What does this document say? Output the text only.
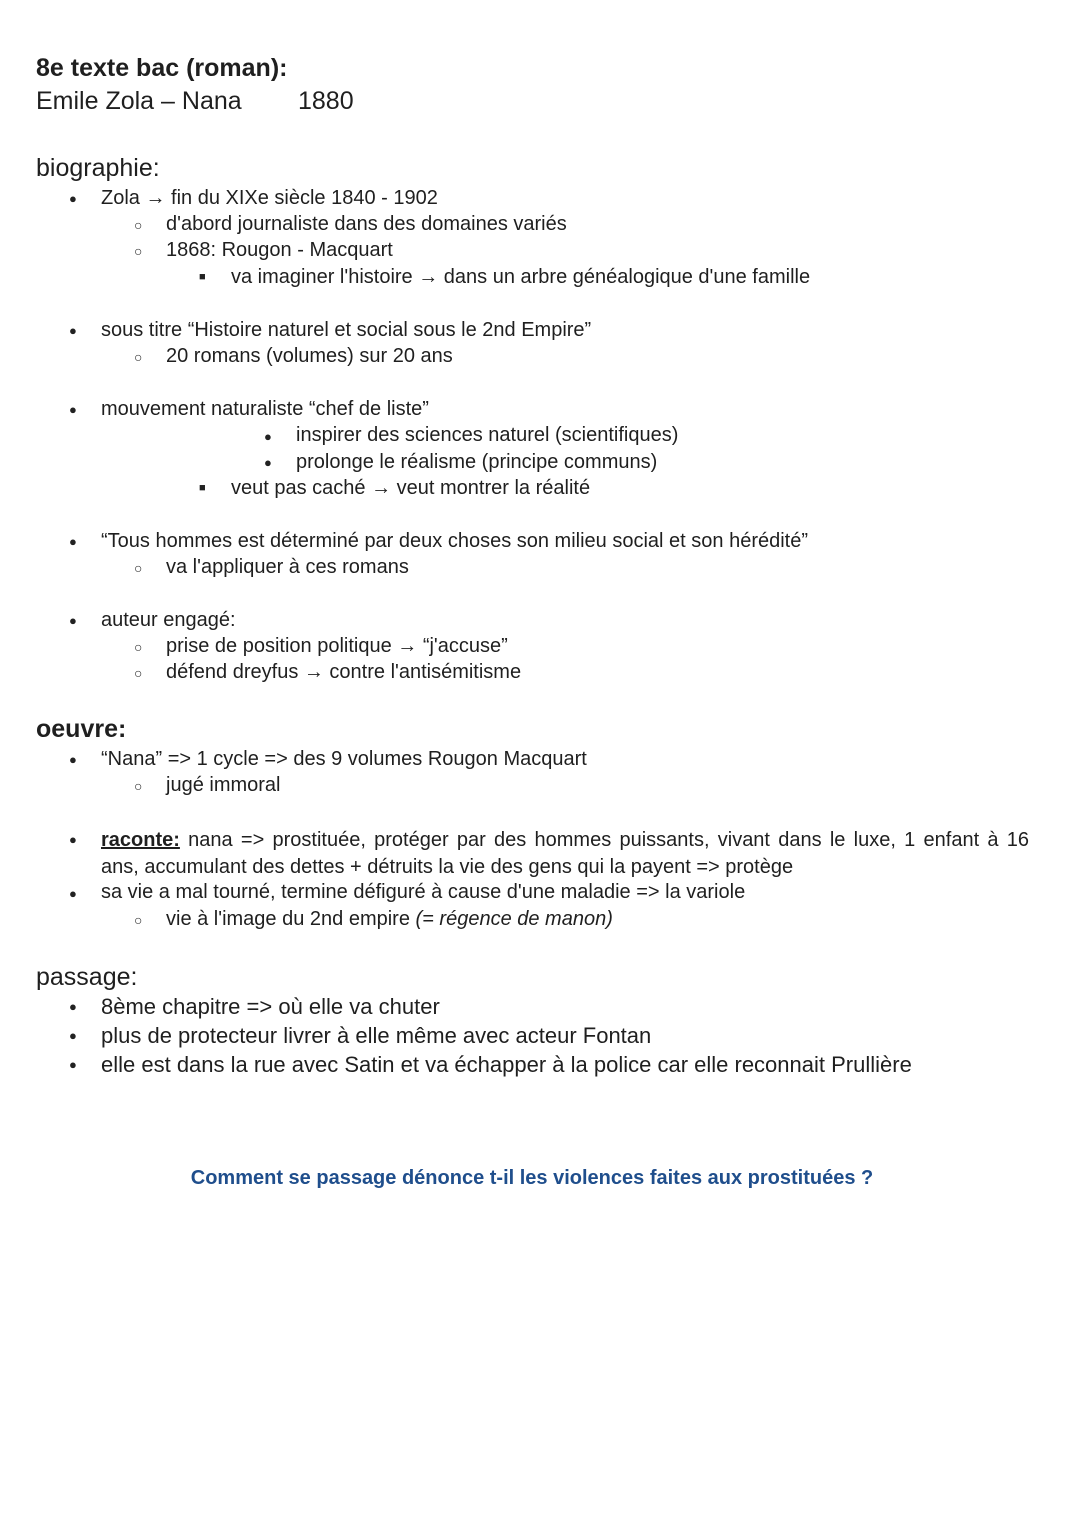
8e texte bac (roman):
Emile Zola – Nana 1880
biographie:
● Zola → fin du XIXe siècle 1840 - 1902
○ d'abord journaliste dans des domaines variés
○ 1868: Rougon - Macquart
■ va imaginer l'histoire → dans un arbre généalogique d'une famille
● sous titre “Histoire naturel et social sous le 2nd Empire”
○ 20 romans (volumes) sur 20 ans
● mouvement naturaliste “chef de liste”
● inspirer des sciences naturel (scientifiques)
● prolonge le réalisme (principe communs)
■ veut pas caché → veut montrer la réalité
● “Tous hommes est déterminé par deux choses son milieu social et son hérédité”
○ va l'appliquer à ces romans
● auteur engagé:
○ prise de position politique → “j'accuse”
○ défend dreyfus → contre l'antisémitisme
oeuvre:
● “Nana” => 1 cycle => des 9 volumes Rougon Macquart
○ jugé immoral
● raconte: nana => prostituée, protéger par des hommes puissants, vivant dans le luxe, 1 enfant à 16 ans, accumulant des dettes + détruits la vie des gens qui la payent => protège
● sa vie a mal tourné, termine défiguré à cause d'une maladie => la variole
○ vie à l'image du 2nd empire (= régence de manon)
passage:
● 8ème chapitre => où elle va chuter
● plus de protecteur livrer à elle même avec acteur Fontan
● elle est dans la rue avec Satin et va échapper à la police car elle reconnait Prullière
Comment se passage dénonce t-il les violences faites aux prostituées ?
